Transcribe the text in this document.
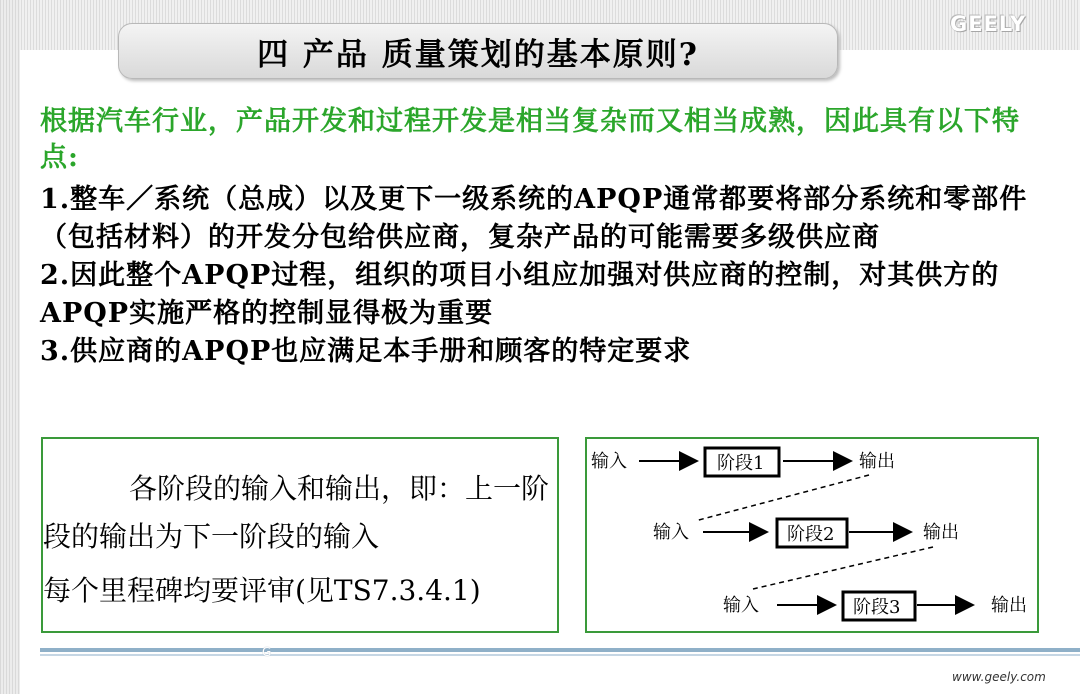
GEELY
四 产品 质量策划的基本原则?
根据汽车行业，产品开发和过程开发是相当复杂而又相当成熟，因此具有以下特点:

1.整车／系统（总成）以及更下一级系统的APQP通常都要将部分系统和零部件（包括材料）的开发分包给供应商，复杂产品的可能需要多级供应商

2.因此整个APQP过程，组织的项目小组应加强对供应商的控制，对其供方的APQP实施严格的控制显得极为重要

3.供应商的APQP也应满足本手册和顾客的特定要求

各阶段的输入和输出，即：上一阶
段的输出为下一阶段的输入
每个里程碑均要评审(见TS7.3.4.1)
输入	阶段1	输出
输入	阶段2	输出
输入	阶段3	输出
G
www.geely.com
